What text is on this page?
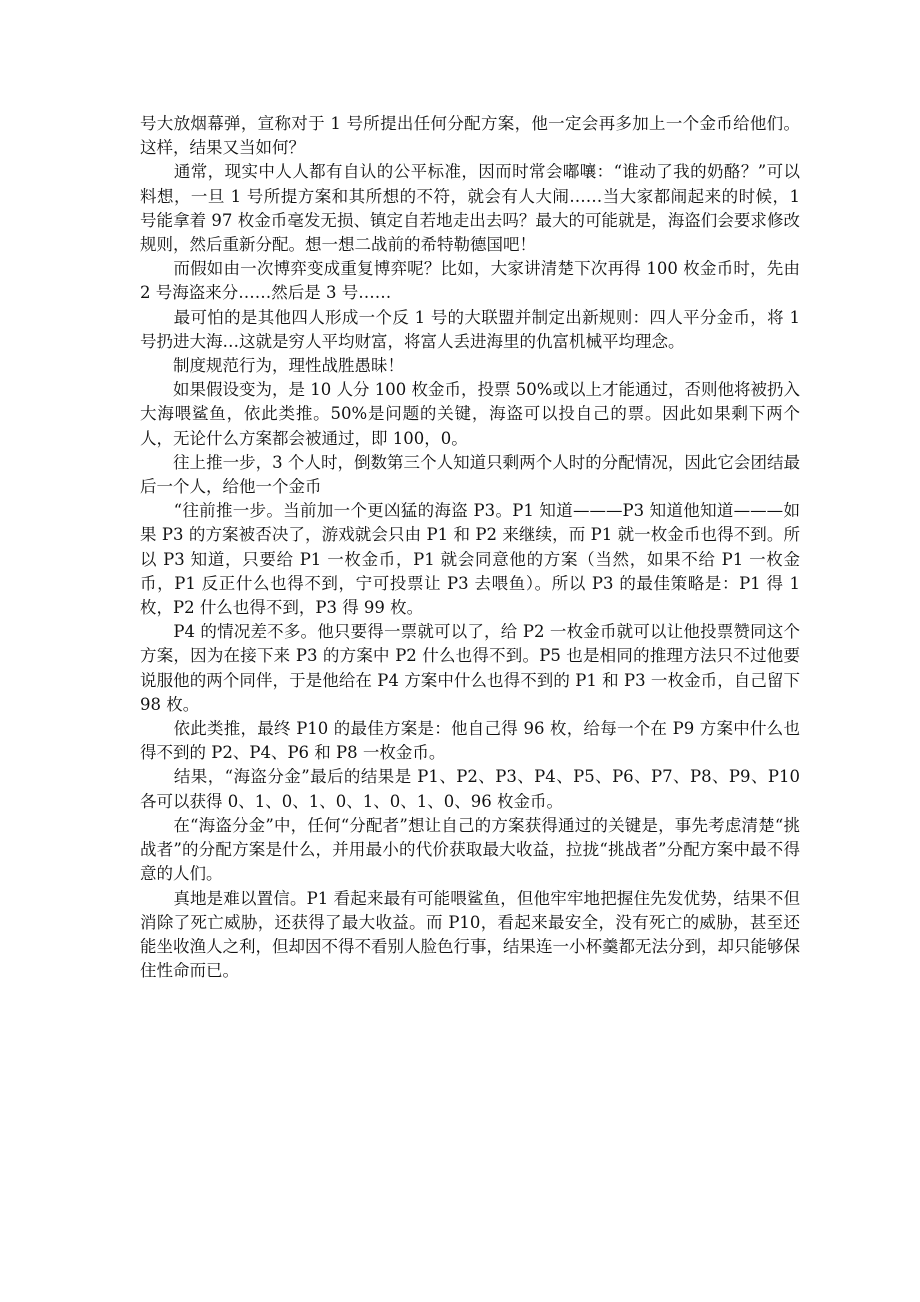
号大放烟幕弹，宣称对于 1 号所提出任何分配方案，他一定会再多加上一个金币给他们。这样，结果又当如何？

　　通常，现实中人人都有自认的公平标准，因而时常会嘟嚷：“谁动了我的奶酪？”可以料想，一旦 1 号所提方案和其所想的不符，就会有人大闹……当大家都闹起来的时候，1 号能拿着 97 枚金币毫发无损、镇定自若地走出去吗？最大的可能就是，海盗们会要求修改规则，然后重新分配。想一想二战前的希特勒德国吧！

　　而假如由一次博弈变成重复博弈呢？比如，大家讲清楚下次再得 100 枚金币时，先由 2 号海盗来分……然后是 3 号……

　　最可怕的是其他四人形成一个反 1 号的大联盟并制定出新规则：四人平分金币，将 1 号扔进大海…这就是穷人平均财富，将富人丢进海里的仇富机械平均理念。

　　制度规范行为，理性战胜愚昧！

　　如果假设变为，是 10 人分 100 枚金币，投票 50%或以上才能通过，否则他将被扔入大海喂鲨鱼，依此类推。50%是问题的关键，海盗可以投自己的票。因此如果剩下两个人，无论什么方案都会被通过，即 100，0。

　　往上推一步，3 个人时，倒数第三个人知道只剩两个人时的分配情况，因此它会团结最后一个人，给他一个金币

　　“往前推一步。当前加一个更凶猛的海盗 P3。P1 知道———P3 知道他知道———如果 P3 的方案被否决了，游戏就会只由 P1 和 P2 来继续，而 P1 就一枚金币也得不到。所以 P3 知道，只要给 P1 一枚金币，P1 就会同意他的方案（当然，如果不给 P1 一枚金币，P1 反正什么也得不到，宁可投票让 P3 去喂鱼）。所以 P3 的最佳策略是：P1 得 1 枚，P2 什么也得不到，P3 得 99 枚。

　　P4 的情况差不多。他只要得一票就可以了，给 P2 一枚金币就可以让他投票赞同这个方案，因为在接下来 P3 的方案中 P2 什么也得不到。P5 也是相同的推理方法只不过他要说服他的两个同伴，于是他给在 P4 方案中什么也得不到的 P1 和 P3 一枚金币，自己留下 98 枚。

　　依此类推，最终 P10 的最佳方案是：他自己得 96 枚，给每一个在 P9 方案中什么也得不到的 P2、P4、P6 和 P8 一枚金币。

　　结果，“海盗分金”最后的结果是 P1、P2、P3、P4、P5、P6、P7、P8、P9、P10 各可以获得 0、1、0、1、0、1、0、1、0、96 枚金币。

　　在“海盗分金”中，任何“分配者”想让自己的方案获得通过的关键是，事先考虑清楚“挑战者”的分配方案是什么，并用最小的代价获取最大收益，拉拢“挑战者”分配方案中最不得意的人们。

　　真地是难以置信。P1 看起来最有可能喂鲨鱼，但他牢牢地把握住先发优势，结果不但消除了死亡威胁，还获得了最大收益。而 P10，看起来最安全，没有死亡的威胁，甚至还能坐收渔人之利，但却因不得不看别人脸色行事，结果连一小杯羹都无法分到，却只能够保住性命而已。
